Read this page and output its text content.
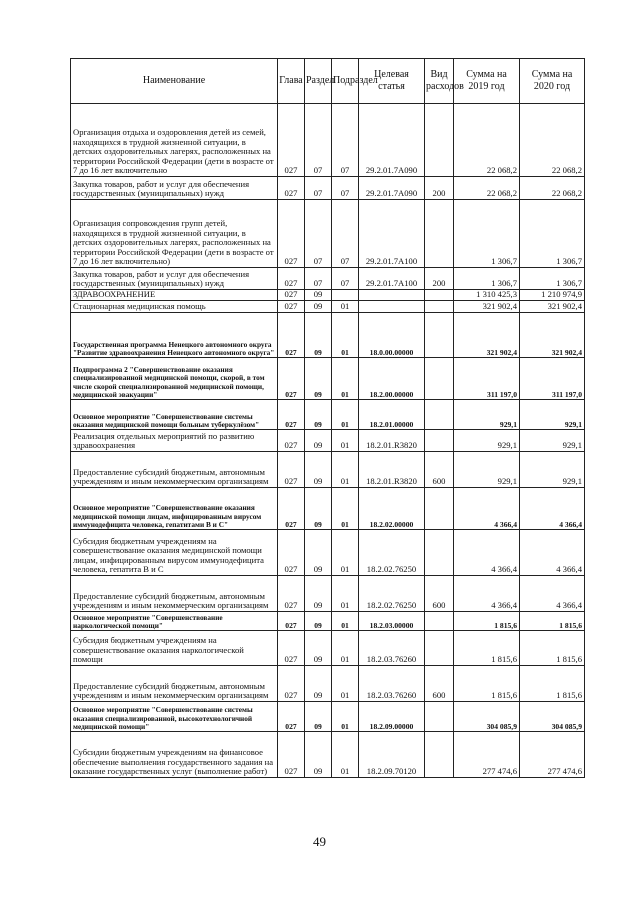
Наименование	Глава	Раздел	Подраздел	Целевая статья	Вид расходов	Сумма на 2019 год	Сумма на 2020 год
Организация отдыха и оздоровления детей из семей, находящихся в трудной жизненной ситуации, в детских оздоровительных лагерях, расположенных на территории Российской Федерации (дети в возрасте от 7 до 16 лет включительно	027	07	07	29.2.01.7А090		22 068,2	22 068,2
Закупка товаров, работ и услуг для обеспечения государственных (муниципальных) нужд	027	07	07	29.2.01.7А090	200	22 068,2	22 068,2
Организация сопровождения групп детей, находящихся в трудной жизненной ситуации, в детских оздоровительных лагерях, расположенных на территории Российской Федерации (дети в возрасте от 7 до 16 лет включительно)	027	07	07	29.2.01.7А100		1 306,7	1 306,7
Закупка товаров, работ и услуг для обеспечения государственных (муниципальных) нужд	027	07	07	29.2.01.7А100	200	1 306,7	1 306,7
ЗДРАВООХРАНЕНИЕ	027	09				1 310 425,3	1 210 974,9
Стационарная медицинская помощь	027	09	01			321 902,4	321 902,4
Государственная программа Ненецкого автономного округа "Развитие здравоохранения Ненецкого автономного округа"	027	09	01	18.0.00.00000		321 902,4	321 902,4
Подпрограмма 2 "Совершенствование оказания специализированной медицинской помощи, скорой, в том числе скорой специализированной медицинской помощи, медицинской эвакуации"	027	09	01	18.2.00.00000		311 197,0	311 197,0
Основное мероприятие "Совершенствование системы оказания медицинской помощи больным туберкулёзом"	027	09	01	18.2.01.00000		929,1	929,1
Реализация отдельных мероприятий по развитию здравоохранения	027	09	01	18.2.01.R3820		929,1	929,1
Предоставление субсидий бюджетным, автономным учреждениям и иным некоммерческим организациям	027	09	01	18.2.01.R3820	600	929,1	929,1
Основное мероприятие "Совершенствование оказания медицинской помощи лицам, инфицированным вирусом иммунодефицита человека, гепатитами В и С"	027	09	01	18.2.02.00000		4 366,4	4 366,4
Субсидия бюджетным учреждениям на совершенствование оказания медицинской помощи лицам, инфицированным вирусом иммунодефицита человека, гепатита В и С	027	09	01	18.2.02.76250		4 366,4	4 366,4
Предоставление субсидий бюджетным, автономным учреждениям и иным некоммерческим организациям	027	09	01	18.2.02.76250	600	4 366,4	4 366,4
Основное мероприятие "Совершенствование наркологической помощи"	027	09	01	18.2.03.00000		1 815,6	1 815,6
Субсидия бюджетным учреждениям на совершенствование оказания наркологической помощи	027	09	01	18.2.03.76260		1 815,6	1 815,6
Предоставление субсидий бюджетным, автономным учреждениям и иным некоммерческим организациям	027	09	01	18.2.03.76260	600	1 815,6	1 815,6
Основное мероприятие "Совершенствование системы оказания специализированной, высокотехнологичной медицинской помощи"	027	09	01	18.2.09.00000		304 085,9	304 085,9
Субсидии бюджетным учреждениям на финансовое обеспечение выполнения государственного задания на оказание государственных услуг (выполнение работ)	027	09	01	18.2.09.70120		277 474,6	277 474,6
49
